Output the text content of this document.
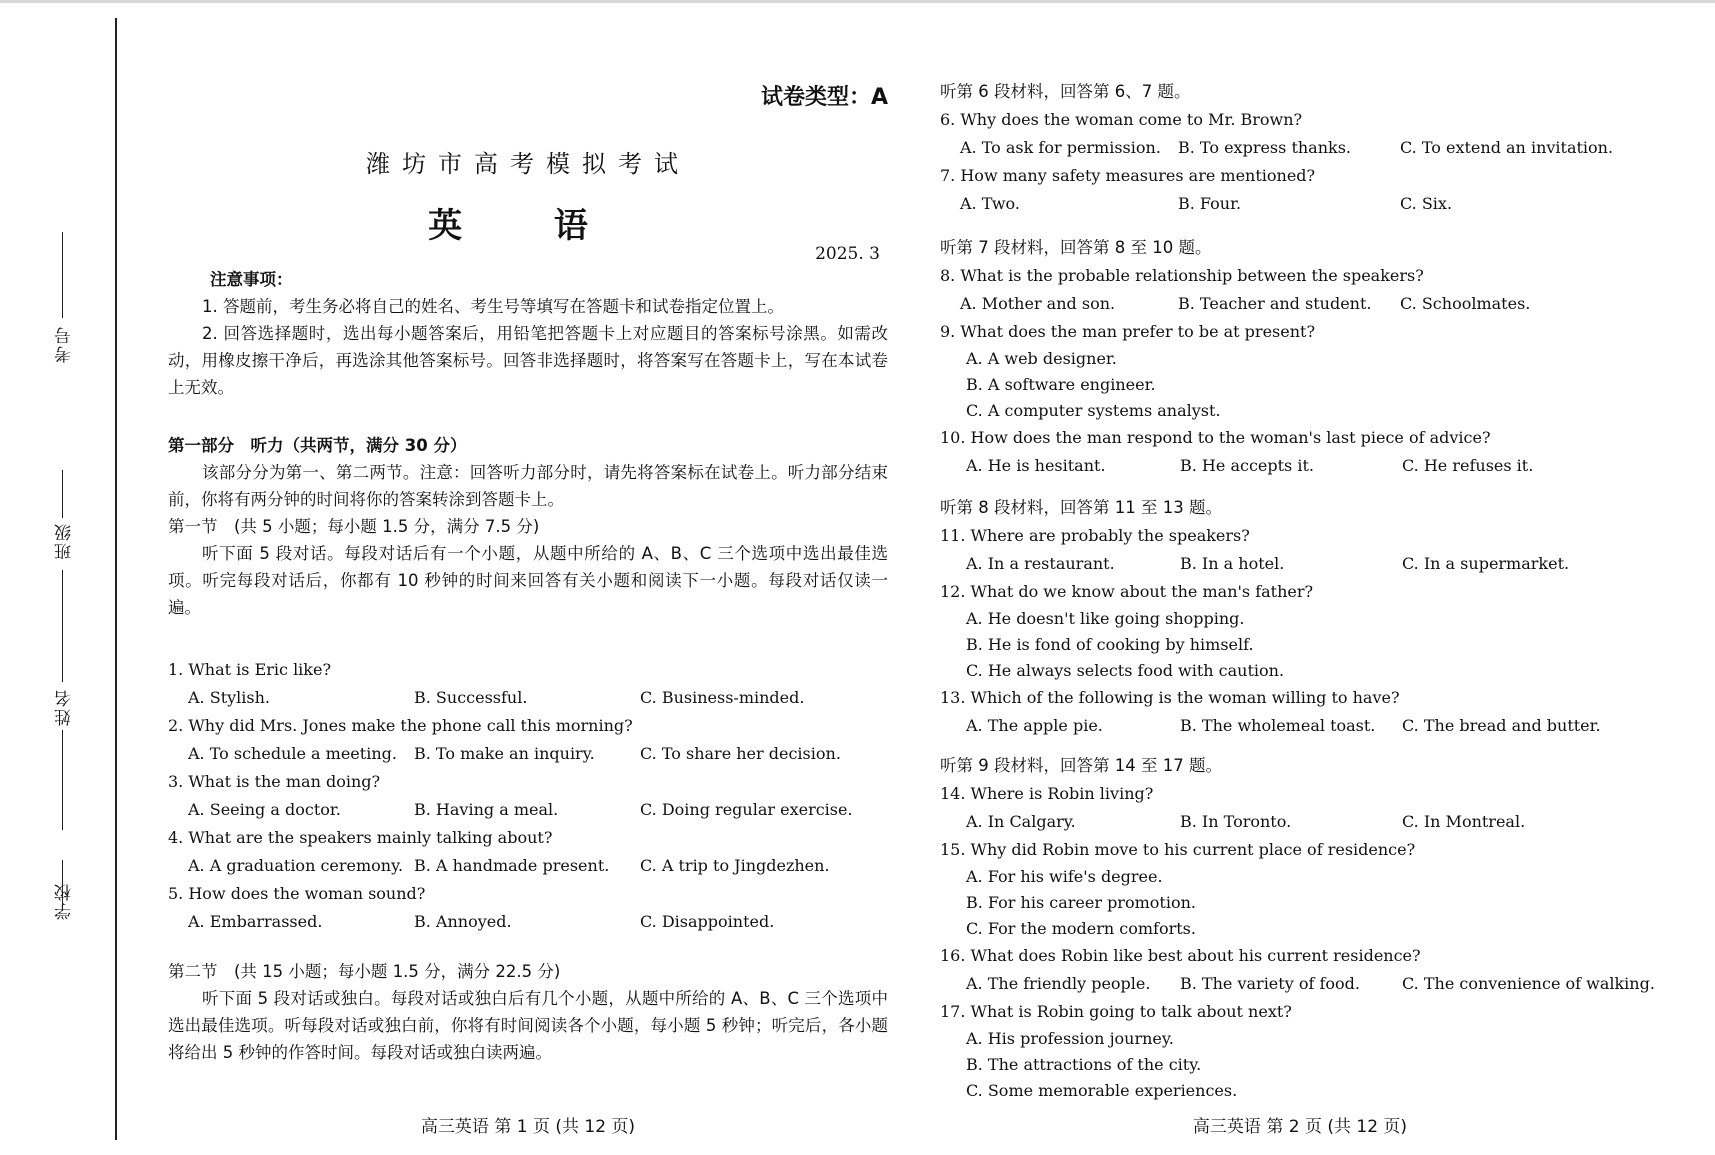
考号
班级
姓名
学校
试卷类型：A
潍坊市高考模拟考试
英 语
2025. 3

注意事项：

1. 答题前，考生务必将自己的姓名、考生号等填写在答题卡和试卷指定位置上。

2. 回答选择题时，选出每小题答案后，用铅笔把答题卡上对应题目的答案标号涂黑。如需改动，用橡皮擦干净后，再选涂其他答案标号。回答非选择题时，将答案写在答题卡上，写在本试卷上无效。

第一部分　听力（共两节，满分 30 分）

该部分分为第一、第二两节。注意：回答听力部分时，请先将答案标在试卷上。听力部分结束前，你将有两分钟的时间将你的答案转涂到答题卡上。

第一节　(共 5 小题；每小题 1.5 分，满分 7.5 分)

听下面 5 段对话。每段对话后有一个小题，从题中所给的 A、B、C 三个选项中选出最佳选项。听完每段对话后，你都有 10 秒钟的时间来回答有关小题和阅读下一小题。每段对话仅读一遍。

1. What is Eric like?
A. Stylish.	B. Successful.	C. Business-minded.
2. Why did Mrs. Jones make the phone call this morning?
A. To schedule a meeting. B. To make an inquiry.	C. To share her decision.
3. What is the man doing?
A. Seeing a doctor.	B. Having a meal.	C. Doing regular exercise.
4. What are the speakers mainly talking about?
A. A graduation ceremony. B. A handmade present. C. A trip to Jingdezhen.
5. How does the woman sound?
A. Embarrassed.	B. Annoyed.	C. Disappointed.

第二节　(共 15 小题；每小题 1.5 分，满分 22.5 分)

听下面 5 段对话或独白。每段对话或独白后有几个小题，从题中所给的 A、B、C 三个选项中选出最佳选项。听每段对话或独白前，你将有时间阅读各个小题，每小题 5 秒钟；听完后，各小题将给出 5 秒钟的作答时间。每段对话或独白读两遍。

高三英语 第 1 页 (共 12 页)
听第 6 段材料，回答第 6、7 题。
6. Why does the woman come to Mr. Brown?
A. To ask for permission. B. To express thanks.	C. To extend an invitation.
7. How many safety measures are mentioned?
A. Two.	B. Four.	C. Six.
听第 7 段材料，回答第 8 至 10 题。
8. What is the probable relationship between the speakers?
A. Mother and son.	B. Teacher and student. C. Schoolmates.
9. What does the man prefer to be at present?
A. A web designer.
B. A software engineer.
C. A computer systems analyst.
10. How does the man respond to the woman's last piece of advice?
A. He is hesitant.	B. He accepts it.	C. He refuses it.
听第 8 段材料，回答第 11 至 13 题。
11. Where are probably the speakers?
A. In a restaurant.	B. In a hotel.	C. In a supermarket.
12. What do we know about the man's father?
A. He doesn't like going shopping.
B. He is fond of cooking by himself.
C. He always selects food with caution.
13. Which of the following is the woman willing to have?
A. The apple pie.	B. The wholemeal toast. C. The bread and butter.
听第 9 段材料，回答第 14 至 17 题。
14. Where is Robin living?
A. In Calgary.	B. In Toronto.	C. In Montreal.
15. Why did Robin move to his current place of residence?
A. For his wife's degree.
B. For his career promotion.
C. For the modern comforts.
16. What does Robin like best about his current residence?
A. The friendly people. B. The variety of food.	C. The convenience of walking.
17. What is Robin going to talk about next?
A. His profession journey.
B. The attractions of the city.
C. Some memorable experiences.
高三英语 第 2 页 (共 12 页)
